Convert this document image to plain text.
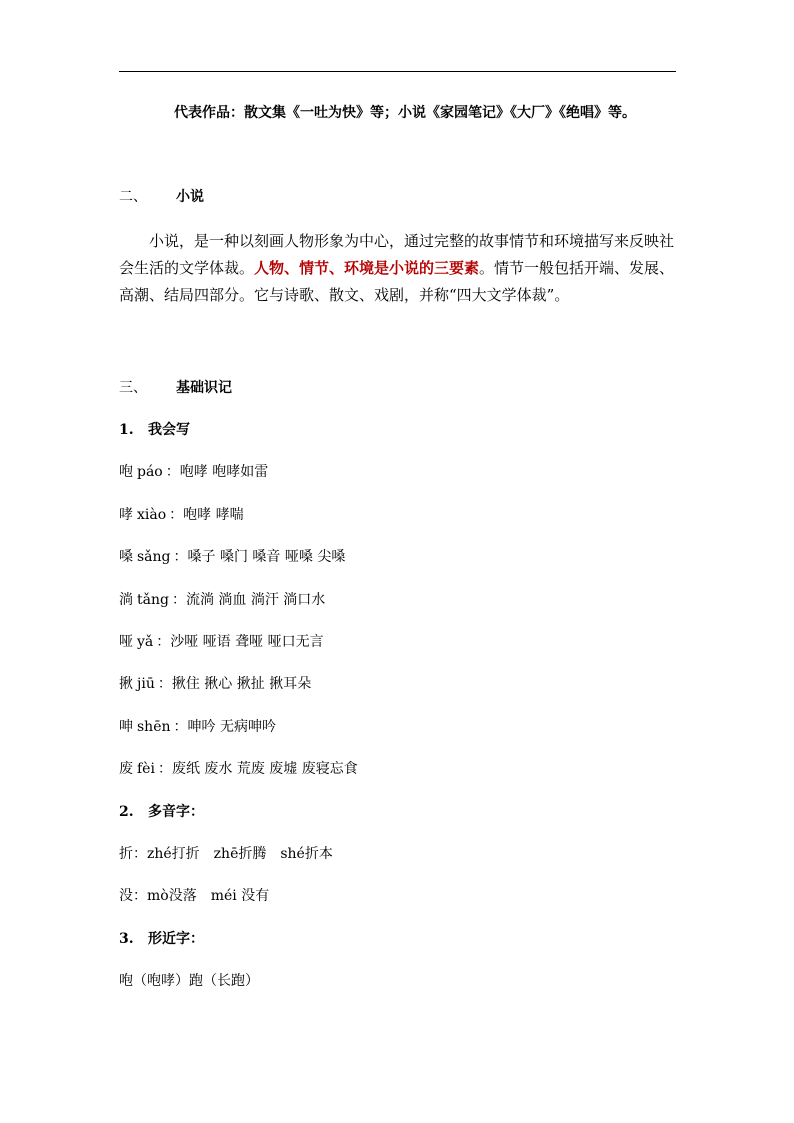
代表作品：散文集《一吐为快》等；小说《家园笔记》《大厂》《绝唱》等。
二、 小说
小说，是一种以刻画人物形象为中心，通过完整的故事情节和环境描写来反映社会生活的文学体裁。人物、情节、环境是小说的三要素。情节一般包括开端、发展、高潮、结局四部分。它与诗歌、散文、戏剧，并称“四大文学体裁”。
三、 基础识记
1. 我会写
咆 páo ：咆哮 咆哮如雷
哮 xiào ：咆哮 哮喘
嗓 sǎng ：嗓子 嗓门 嗓音 哑嗓 尖嗓
淌 tǎng ：流淌 淌血 淌汗 淌口水
哑 yǎ ：沙哑 哑语 聋哑 哑口无言
揪 jiū ：揪住 揪心 揪扯 揪耳朵
呻 shēn ：呻吟 无病呻吟
废 fèi ：废纸 废水 荒废 废墟 废寝忘食
2. 多音字：
折：zhé打折　zhē折腾　shé折本
没：mò没落　méi 没有
3. 形近字：
咆（咆哮）跑（长跑）
